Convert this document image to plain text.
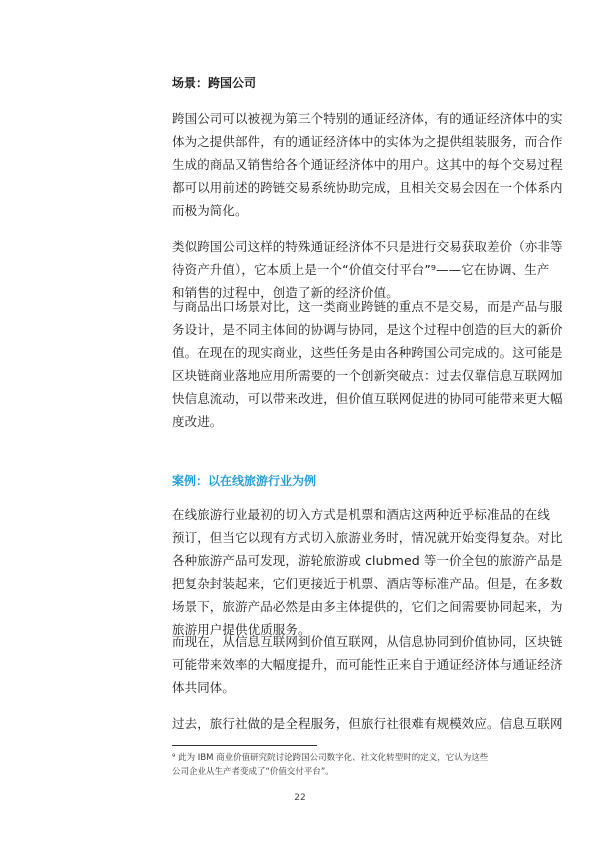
场景：跨国公司
跨国公司可以被视为第三个特别的通证经济体，有的通证经济体中的实
体为之提供部件，有的通证经济体中的实体为之提供组装服务，而合作
生成的商品又销售给各个通证经济体中的用户。这其中的每个交易过程
都可以用前述的跨链交易系统协助完成，且相关交易会因在一个体系内
而极为简化。
类似跨国公司这样的特殊通证经济体不只是进行交易获取差价（亦非等
待资产升值），它本质上是一个“价值交付平台”⁹——它在协调、生产
和销售的过程中，创造了新的经济价值。
与商品出口场景对比，这一类商业跨链的重点不是交易，而是产品与服
务设计，是不同主体间的协调与协同，是这个过程中创造的巨大的新价
值。在现在的现实商业，这些任务是由各种跨国公司完成的。这可能是
区块链商业落地应用所需要的一个创新突破点：过去仅靠信息互联网加
快信息流动，可以带来改进，但价值互联网促进的协同可能带来更大幅
度改进。
案例：以在线旅游行业为例
在线旅游行业最初的切入方式是机票和酒店这两种近乎标准品的在线
预订，但当它以现有方式切入旅游业务时，情况就开始变得复杂。对比
各种旅游产品可发现，游轮旅游或 clubmed 等一价全包的旅游产品是
把复杂封装起来，它们更接近于机票、酒店等标准产品。但是，在多数
场景下，旅游产品必然是由多主体提供的，它们之间需要协同起来，为
旅游用户提供优质服务。
而现在，从信息互联网到价值互联网，从信息协同到价值协同，区块链
可能带来效率的大幅度提升，而可能性正来自于通证经济体与通证经济
体共同体。
过去，旅行社做的是全程服务，但旅行社很难有规模效应。信息互联网
⁹ 此为 IBM 商业价值研究院讨论跨国公司数字化、社文化转型时的定义，它认为这些
公司企业从生产者变成了“价值交付平台”。
22
